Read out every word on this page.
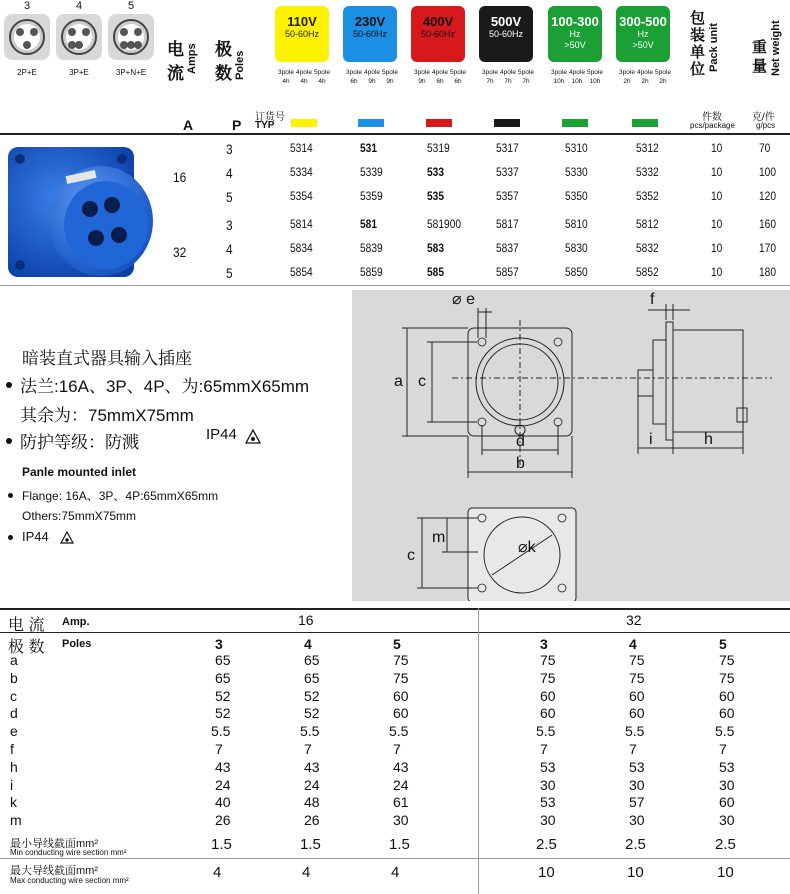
3
2P+E
4
3P+E
5
3P+N+E
电
流 Amps 极
数 Poles
110V
50-60Hz
3pole 4pole 5pole
4h 4h 4h
230V
50-60Hz
3pole 4pole 5pole
6h 9h 9h
400V
50-60Hz
3pole 4pole 5pole
9h 6h 6h
500V
50-60Hz
3pole 4pole 5pole
7h 7h 7h
100-300
Hz
>50V
3pole 4pole 5pole
10h 10h 10h
300-500
Hz
>50V
3pole 4pole 5pole
2h 2h 2h
包
装
单
位 Pack unit 重
量 Net weight
16
3	5314	531	5319	5317	5310	5312	10	70
4	5334	5339	533	5337	5330	5332	10	100
5	5354	5359	535	5357	5350	5352	10	120
32
3	5814	581	581900	5817	5810	5812	10	160
4	5834	5839	583	5837	5830	5832	10	170
5	5854	5859	585	5857	5850	5852	10	180
暗装直式器具输入插座
法兰:16A、3P、4P、为:65mmX65mm
其余为：75mmX75mm
防护等级：防溅	IP44
Panle mounted inlet
Flange: 16A、3P、4P:65mmX65mm
Others:75mmX75mm
IP44
⌀ e	f
a c
d
b
i	h
c
m
⌀k
电 流 Amp.	16	32
极 数 Poles	3	4	5	3	4	5
a	65	65	75	75	75	75
b	65	65	75	75	75	75
c	52	52	60	60	60	60
d	52	52	60	60	60	60
e	5.5	5.5	5.5	5.5	5.5	5.5
f	7	7	7	7	7	7
h	43	43	43	53	53	53
i	24	24	24	30	30	30
k	40	48	61	53	57	60
m	26	26	30	30	30	30
最小导线截面mm²
Min conducting wire section mm²	1.5	1.5	1.5	2.5	2.5	2.5
最大导线截面mm²
Max conducting wire section mm²	4	4	4	10	10	10
A	P 订货号
TYP
件数
pcs/package
克/件
g/pcs
